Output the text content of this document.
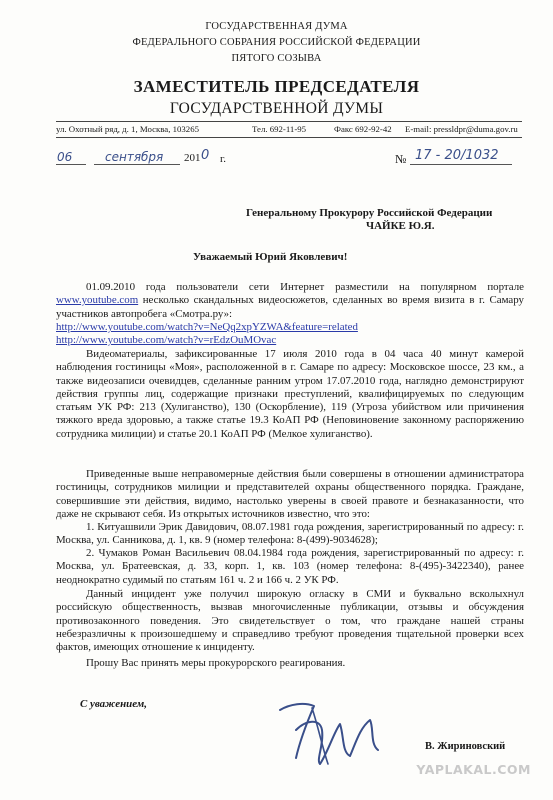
ГОСУДАРСТВЕННАЯ ДУМА
ФЕДЕРАЛЬНОГО СОБРАНИЯ РОССИЙСКОЙ ФЕДЕРАЦИИ
ПЯТОГО СОЗЫВА
ЗАМЕСТИТЕЛЬ ПРЕДСЕДАТЕЛЯ
ГОСУДАРСТВЕННОЙ ДУМЫ
ул. Охотный ряд, д. 1, Москва, 103265	Тел. 692-11-95	Факс 692-92-42 E-mail: pressldpr@duma.gov.ru
06	сентября 201 0 г.	№ 17 - 20/1032
Генеральному Прокурору Российской Федерации
ЧАЙКЕ Ю.Я.
Уважаемый Юрий Яковлевич!
01.09.2010 года пользователи сети Интернет разместили на популярном портале www.youtube.com несколько скандальных видеосюжетов, сделанных во время визита в г. Самару участников автопробега «Смотра.ру»:
http://www.youtube.com/watch?v=NeQq2xpYZWA&feature=related
http://www.youtube.com/watch?v=rEdzOuMOvac
Видеоматериалы, зафиксированные 17 июля 2010 года в 04 часа 40 минут камерой наблюдения гостиницы «Моя», расположенной в г. Самаре по адресу: Московское шоссе, 23 км., а также видеозаписи очевидцев, сделанные ранним утром 17.07.2010 года, наглядно демонстрируют действия группы лиц, содержащие признаки преступлений, квалифицируемых по следующим статьям УК РФ: 213 (Хулиганство), 130 (Оскорбление), 119 (Угроза убийством или причинения тяжкого вреда здоровью, а также статье 19.3 КоАП РФ (Неповиновение законному распоряжению сотрудника милиции) и статье 20.1 КоАП РФ (Мелкое хулиганство).
Приведенные выше неправомерные действия были совершены в отношении администратора гостиницы, сотрудников милиции и представителей охраны общественного порядка. Граждане, совершившие эти действия, видимо, настолько уверены в своей правоте и безнаказанности, что даже не скрывают себя. Из открытых источников известно, что это:
1. Китуашвили Эрик Давидович, 08.07.1981 года рождения, зарегистрированный по адресу: г. Москва, ул. Санникова, д. 1, кв. 9 (номер телефона: 8-(499)-9034628);
2. Чумаков Роман Васильевич 08.04.1984 года рождения, зарегистрированный по адресу: г. Москва, ул. Братеевская, д. 33, корп. 1, кв. 103 (номер телефона: 8-(495)-3422340), ранее неоднократно судимый по статьям 161 ч. 2 и 166 ч. 2 УК РФ.
Данный инцидент уже получил широкую огласку в СМИ и буквально всколыхнул российскую общественность, вызвав многочисленные публикации, отзывы и обсуждения противозаконного поведения. Это свидетельствует о том, что граждане нашей страны небезразличны к произошедшему и справедливо требуют проведения тщательной проверки всех фактов, имеющих отношение к инциденту.
Прошу Вас принять меры прокурорского реагирования.
С уважением,
В. Жириновский
YAPLAKAL.COM
